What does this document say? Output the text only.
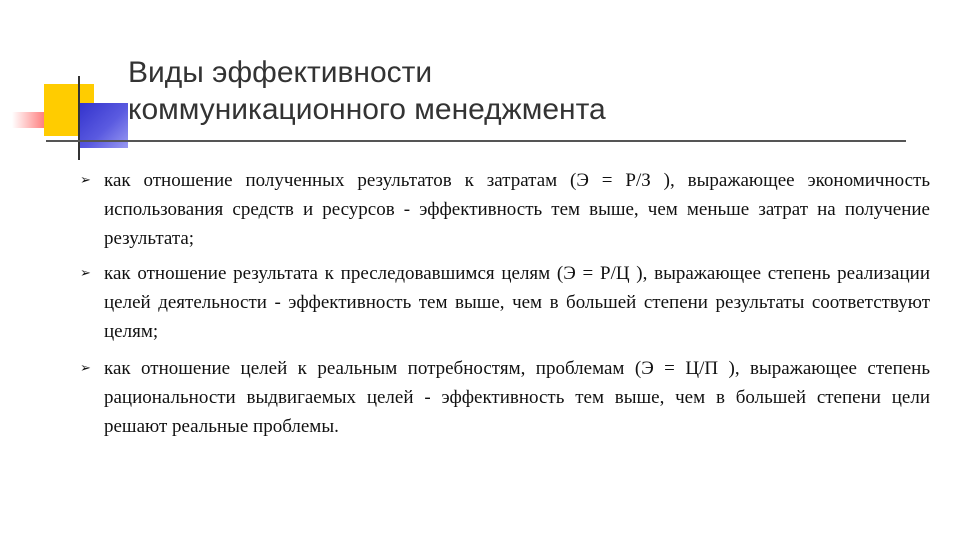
Виды эффективности
коммуникационного менеджмента
➢ как отношение полученных результатов к затратам (Э = Р/З ), выражающее экономичность использования средств и ресурсов - эффективность тем выше, чем меньше затрат на получение результата;
➢ как отношение результата к преследовавшимся целям (Э = Р/Ц ), выражающее степень реализации целей деятельности - эффективность тем выше, чем в большей степени результаты соответствуют целям;
➢ как отношение целей к реальным потребностям, проблемам (Э = Ц/П ), выражающее степень рациональности выдвигаемых целей - эффективность тем выше, чем в большей степени цели решают реальные проблемы.
